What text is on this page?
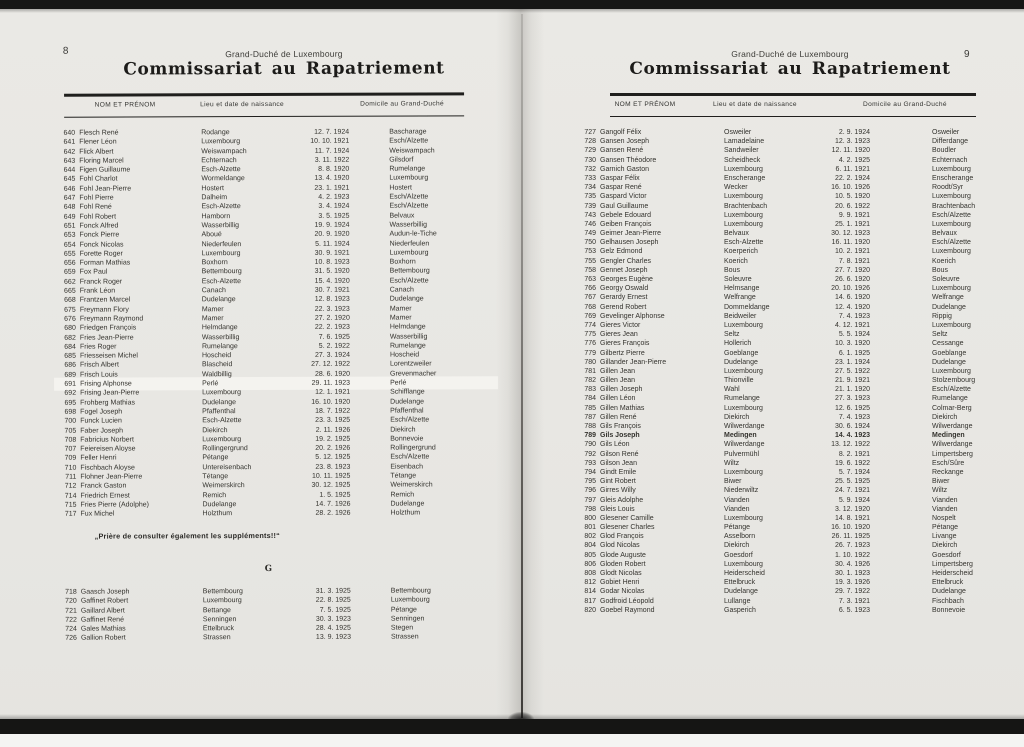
8	Grand-Duché de Luxembourg
Commissariat au Rapatriement
NOM ET PRÉNOM	Lieu et date de naissance	Domicile au Grand-Duché
640 Flesch René	Rodange	12. 7. 1924	Bascharage
641 Flener Léon	Luxembourg	10. 10. 1921	Esch/Alzette
642 Flick Albert	Weiswampach	11. 7. 1924	Weiswampach
643 Floring Marcel	Echternach	3. 11. 1922	Gilsdorf
644 Figen Guillaume	Esch-Alzette	8. 8. 1920	Rumelange
645 Fohl Charlot	Wormeldange	13. 4. 1920	Luxembourg
646 Fohl Jean-Pierre	Hostert	23. 1. 1921	Hostert
647 Fohl Pierre	Dalheim	4. 2. 1923	Esch/Alzette
648 Fohl René	Esch-Alzette	3. 4. 1924	Esch/Alzette
649 Fohl Robert	Hamborn	3. 5. 1925	Belvaux
651 Fonck Alfred	Wasserbillig	19. 9. 1924	Wasserbillig
653 Fonck Pierre	Aboué	20. 9. 1920	Audun-le-Tiche
654 Fonck Nicolas	Niederfeulen	5. 11. 1924	Niederfeulen
655 Forette Roger	Luxembourg	30. 9. 1921	Luxembourg
656 Forman Mathias	Boxhorn	10. 8. 1923	Boxhorn
659 Fox Paul	Bettembourg	31. 5. 1920	Bettembourg
662 Franck Roger	Esch-Alzette	15. 4. 1920	Esch/Alzette
665 Frank Léon	Canach	30. 7. 1921	Canach
668 Frantzen Marcel	Dudelange	12. 8. 1923	Dudelange
675 Freymann Flory	Mamer	22. 3. 1923	Mamer
676 Freymann Raymond	Mamer	27. 2. 1920	Mamer
680 Friedgen François	Helmdange	22. 2. 1923	Helmdange
682 Fries Jean-Pierre	Wasserbillig	7. 6. 1925	Wasserbillig
684 Fries Roger	Rumelange	5. 2. 1922	Rumelange
685 Friesseisen Michel	Hoscheid	27. 3. 1924	Hoscheid
686 Frisch Albert	Blascheid	27. 12. 1922	Lorentzweiler
689 Frisch Louis	Waldbillig	28. 6. 1920	Grevenmacher
691 Frising Alphonse	Perlé	29. 11. 1923	Perlé
692 Frising Jean-Pierre	Luxembourg	12. 1. 1921	Schifflange
695 Frohberg Mathias	Dudelange	16. 10. 1920	Dudelange
698 Fogel Joseph	Pfaffenthal	18. 7. 1922	Pfaffenthal
700 Funck Lucien	Esch-Alzette	23. 3. 1925	Esch/Alzette
705 Faber Joseph	Diekirch	2. 11. 1926	Diekirch
708 Fabricius Norbert	Luxembourg	19. 2. 1925	Bonnevoie
707 Feiereisen Aloyse	Rollingergrund	20. 2. 1926	Rollingergrund
709 Feller Henri	Pétange	5. 12. 1925	Esch/Alzette
710 Fischbach Aloyse	Untereisenbach	23. 8. 1923	Eisenbach
711 Flohner Jean-Pierre	Tétange	10. 11. 1925	Tétange
712 Franck Gaston	Weimerskirch	30. 12. 1925	Weimerskirch
714 Friedrich Ernest	Remich	1. 5. 1925	Remich
715 Fries Pierre (Adolphe)	Dudelange	14. 7. 1926	Dudelange
717 Fux Michel	Holzthum	28. 2. 1926	Holzthum
„Prière de consulter également les suppléments!!“
G
718 Gaasch Joseph	Bettembourg	31. 3. 1925	Bettembourg
720 Gaffinet Robert	Luxembourg	22. 8. 1925	Luxembourg
721 Gaillard Albert	Bettange	7. 5. 1925	Pétange
722 Gaffinet René	Senningen	30. 3. 1923	Senningen
724 Gales Mathias	Ettelbruck	28. 4. 1925	Stegen
726 Gallion Robert	Strassen	13. 9. 1923	Strassen
9
Grand-Duché de Luxembourg
Commissariat au Rapatriement
NOM ET PRÉNOM	Lieu et date de naissance	Domicile au Grand-Duché
727 Gangolf Félix	Osweiler	2. 9. 1924	Osweiler
728 Gansen Joseph	Lamadelaine	12. 3. 1923	Differdange
729 Gansen René	Sandweiler	12. 11. 1920	Boudler
730 Gansen Théodore	Scheidheck	4. 2. 1925	Echternach
732 Garnich Gaston	Luxembourg	6. 11. 1921	Luxembourg
733 Gaspar Félix	Enscherange	22. 2. 1924	Enscherange
734 Gaspar René	Wecker	16. 10. 1926	Roodt/Syr
735 Gaspard Victor	Luxembourg	10. 5. 1920	Luxembourg
739 Gaul Guillaume	Brachtenbach	20. 6. 1922	Brachtenbach
743 Gebele Edouard	Luxembourg	9. 9. 1921	Esch/Alzette
746 Geiben François	Luxembourg	25. 1. 1921	Luxembourg
749 Geimer Jean-Pierre	Belvaux	30. 12. 1923	Belvaux
750 Gelhausen Joseph	Esch-Alzette	16. 11. 1920	Esch/Alzette
753 Gelz Edmond	Koerperich	10. 2. 1921	Luxembourg
755 Gengler Charles	Koerich	7. 8. 1921	Koerich
758 Gennet Joseph	Bous	27. 7. 1920	Bous
763 Georges Eugène	Soleuvre	26. 6. 1920	Soleuvre
766 Georgy Oswald	Helmsange	20. 10. 1926	Luxembourg
767 Gerardy Ernest	Welfrange	14. 6. 1920	Welfrange
768 Gerend Robert	Dommeldange	12. 4. 1920	Dudelange
769 Gevelinger Alphonse	Beidweiler	7. 4. 1923	Rippig
774 Gieres Victor	Luxembourg	4. 12. 1921	Luxembourg
775 Gieres Jean	Seltz	5. 5. 1924	Seltz
776 Gieres François	Hollerich	10. 3. 1920	Cessange
779 Gilbertz Pierre	Goeblange	6. 1. 1925	Goeblange
780 Gillander Jean-Pierre	Dudelange	23. 1. 1924	Dudelange
781 Gillen Jean	Luxembourg	27. 5. 1922	Luxembourg
782 Gillen Jean	Thionville	21. 9. 1921	Stolzembourg
783 Gillen Joseph	Wahl	21. 1. 1920	Esch/Alzette
784 Gillen Léon	Rumelange	27. 3. 1923	Rumelange
785 Gillen Mathias	Luxembourg	12. 6. 1925	Colmar-Berg
787 Gillen René	Diekirch	7. 4. 1923	Diekirch
788 Gils François	Wilwerdange	30. 6. 1924	Wilwerdange
789 Gils Joseph	Medingen	14. 4. 1923	Medingen
790 Gils Léon	Wilwerdange	13. 12. 1922	Wilwerdange
792 Gilson René	Pulvermühl	8. 2. 1921	Limpertsberg
793 Gilson Jean	Wiltz	19. 6. 1922	Esch/Sûre
794 Gindt Emile	Luxembourg	5. 7. 1924	Reckange
795 Gint Robert	Biwer	25. 5. 1925	Biwer
796 Girres Willy	Niederwiltz	24. 7. 1921	Wiltz
797 Gleis Adolphe	Vianden	5. 9. 1924	Vianden
798 Gleis Louis	Vianden	3. 12. 1920	Vianden
800 Glesener Camille	Luxembourg	14. 8. 1921	Nospelt
801 Glesener Charles	Pétange	16. 10. 1920	Pétange
802 Glod François	Asselborn	26. 11. 1925	Livange
804 Glod Nicolas	Diekirch	26. 7. 1923	Diekirch
805 Glode Auguste	Goesdorf	1. 10. 1922	Goesdorf
806 Gloden Robert	Luxembourg	30. 4. 1926	Limpertsberg
808 Glodt Nicolas	Heiderscheid	30. 1. 1923	Heiderscheid
812 Gobiet Henri	Ettelbruck	19. 3. 1926	Ettelbruck
814 Godar Nicolas	Dudelange	29. 7. 1922	Dudelange
817 Godfroid Léopold	Lullange	7. 3. 1921	Fischbach
820 Goebel Raymond	Gasperich	6. 5. 1923	Bonnevoie
